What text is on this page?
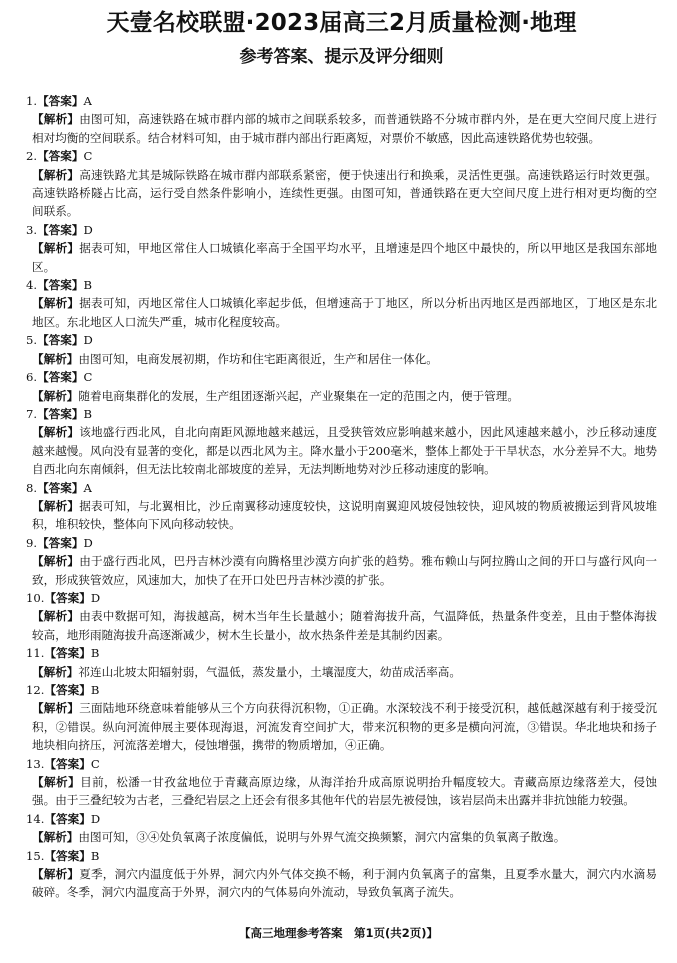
天壹名校联盟·2023届高三2月质量检测·地理
参考答案、提示及评分细则
1.【答案】A
【解析】由图可知，高速铁路在城市群内部的城市之间联系较多，而普通铁路不分城市群内外，是在更大空间尺度上进行相对均衡的空间联系。结合材料可知，由于城市群内部出行距离短，对票价不敏感，因此高速铁路优势也较强。
2.【答案】C
【解析】高速铁路尤其是城际铁路在城市群内部联系紧密，便于快速出行和换乘，灵活性更强。高速铁路运行时效更强。高速铁路桥隧占比高，运行受自然条件影响小，连续性更强。由图可知，普通铁路在更大空间尺度上进行相对更均衡的空间联系。
3.【答案】D
【解析】据表可知，甲地区常住人口城镇化率高于全国平均水平，且增速是四个地区中最快的，所以甲地区是我国东部地区。
4.【答案】B
【解析】据表可知，丙地区常住人口城镇化率起步低，但增速高于丁地区，所以分析出丙地区是西部地区，丁地区是东北地区。东北地区人口流失严重，城市化程度较高。
5.【答案】D
【解析】由图可知，电商发展初期，作坊和住宅距离很近，生产和居住一体化。
6.【答案】C
【解析】随着电商集群化的发展，生产组团逐渐兴起，产业聚集在一定的范围之内，便于管理。
7.【答案】B
【解析】该地盛行西北风，自北向南距风源地越来越远，且受狭管效应影响越来越小，因此风速越来越小，沙丘移动速度越来越慢。风向没有显著的变化，都是以西北风为主。降水量小于200毫米，整体上都处于干旱状态，水分差异不大。地势自西北向东南倾斜，但无法比较南北部坡度的差异，无法判断地势对沙丘移动速度的影响。
8.【答案】A
【解析】据表可知，与北翼相比，沙丘南翼移动速度较快，这说明南翼迎风坡侵蚀较快，迎风坡的物质被搬运到背风坡堆积，堆积较快，整体向下风向移动较快。
9.【答案】D
【解析】由于盛行西北风，巴丹吉林沙漠有向腾格里沙漠方向扩张的趋势。雅布赖山与阿拉腾山之间的开口与盛行风向一致，形成狭管效应，风速加大，加快了在开口处巴丹吉林沙漠的扩张。
10.【答案】D
【解析】由表中数据可知，海拔越高，树木当年生长量越小；随着海拔升高，气温降低，热量条件变差，且由于整体海拔较高，地形雨随海拔升高逐渐减少，树木生长量小，故水热条件差是其制约因素。
11.【答案】B
【解析】祁连山北坡太阳辐射弱，气温低，蒸发量小，土壤湿度大，幼苗成活率高。
12.【答案】B
【解析】三面陆地环绕意味着能够从三个方向获得沉积物，①正确。水深较浅不利于接受沉积，越低越深越有利于接受沉积，②错误。纵向河流伸展主要体现海退，河流发育空间扩大，带来沉积物的更多是横向河流，③错误。华北地块和扬子地块相向挤压，河流落差增大，侵蚀增强，携带的物质增加，④正确。
13.【答案】C
【解析】目前，松潘一甘孜盆地位于青藏高原边缘，从海洋抬升成高原说明抬升幅度较大。青藏高原边缘落差大，侵蚀强。由于三叠纪较为古老，三叠纪岩层之上还会有很多其他年代的岩层先被侵蚀，该岩层尚未出露并非抗蚀能力较强。
14.【答案】D
【解析】由图可知，③④处负氧离子浓度偏低，说明与外界气流交换频繁，洞穴内富集的负氧离子散逸。
15.【答案】B
【解析】夏季，洞穴内温度低于外界，洞穴内外气体交换不畅，利于洞内负氧离子的富集，且夏季水量大，洞穴内水滴易破碎。冬季，洞穴内温度高于外界，洞穴内的气体易向外流动，导致负氧离子流失。
【高三地理参考答案　第1页(共2页)】
